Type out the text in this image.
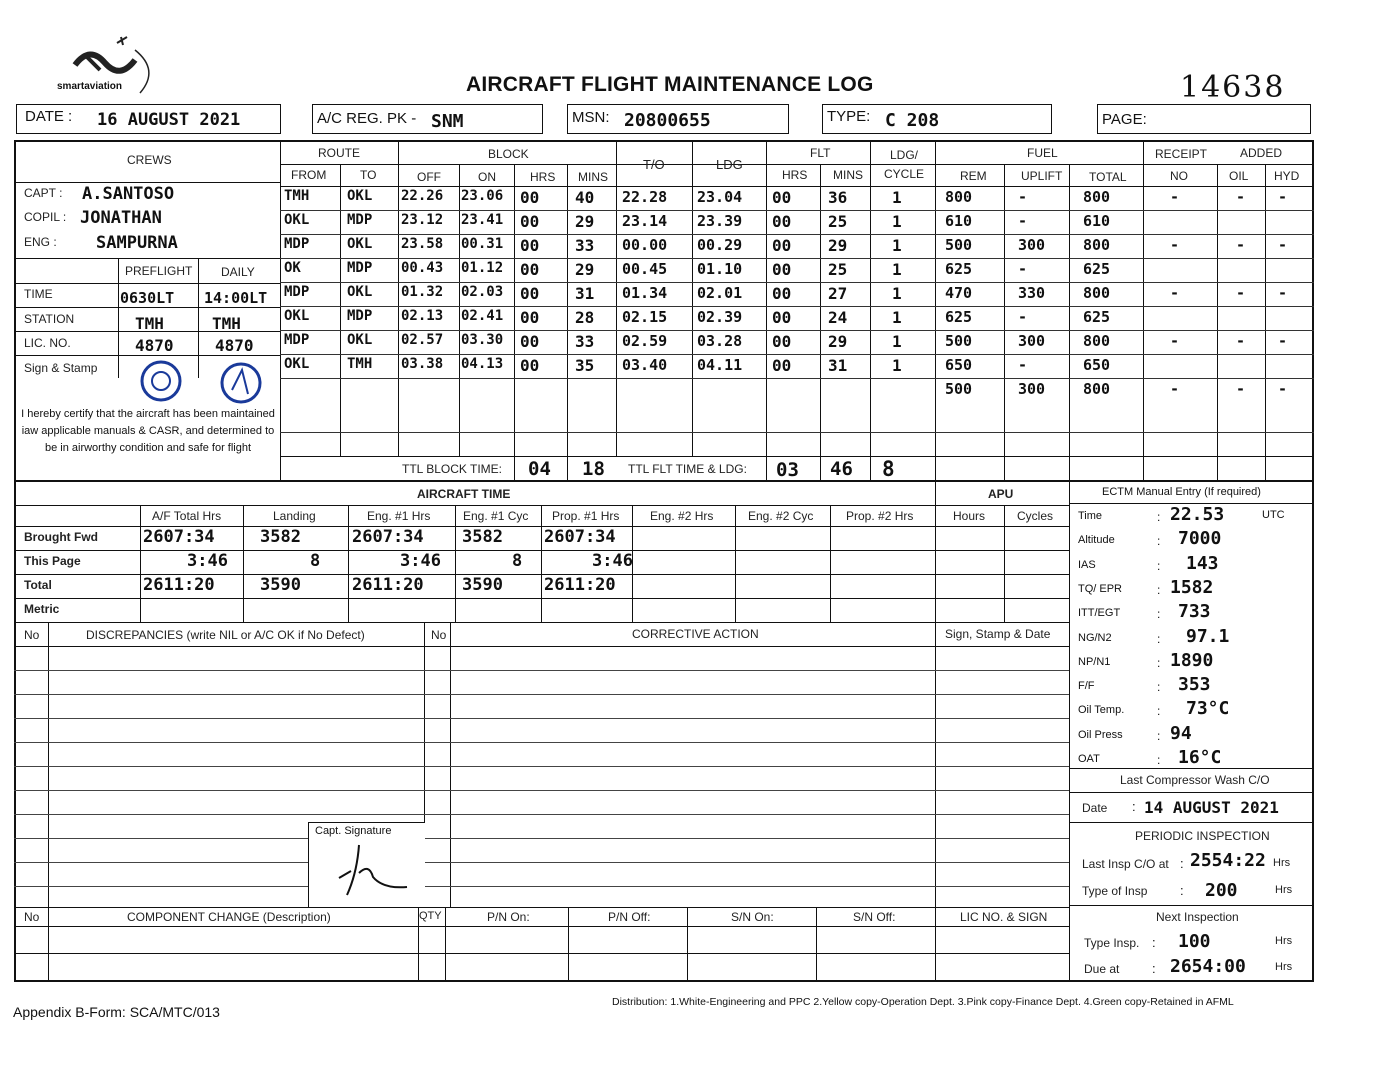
smartaviation	AIRCRAFT FLIGHT MAINTENANCE LOG	14638
DATE : 16 AUGUST 2021	A/C REG. PK - SNM	MSN: 20800655	TYPE: C 208	PAGE:
CREWS
CAPT : A.SANTOSO
COPIL : JONATHAN
ENG : SAMPURNA
PREFLIGHT DAILY
TIME	0630LT 14:00LT
STATION	TMH	TMH
LIC. NO.	4870	4870
Sign & Stamp
I hereby certify that the aircraft has been maintained iaw applicable manuals & CASR, and determined to be in airworthy condition and safe for flight
ROUTE
FROM	TO
BLOCK
OFF	ON	HRS MINS
T/O	LDG
FLT
HRS MINS
LDG/
CYCLE
FUEL
REM	UPLIFT TOTAL
RECEIPT
NO
ADDED
OIL HYD
TMH	OKL 22.26 23.06 00 40 22.28 23.04 00 36	1	800	-	800	-	- -
OKL	MDP 23.12 23.41 00 29 23.14 23.39 00 25	1	610	-	610
MDP	OKL 23.58 00.31 00 33 00.00 00.29 00 29	1	500	300	800	-	- -
OK	MDP 00.43 01.12 00 29 00.45 01.10 00 25	1	625	-	625
MDP	OKL 01.32 02.03 00 31 01.34 02.01 00 27	1	470	330	800	-	- -
OKL	MDP 02.13 02.41 00 28 02.15 02.39 00 24	1	625	-	625
MDP	OKL 02.57 03.30 00 33 02.59 03.28 00 29	1	500	300	800	-	- -
OKL	TMH 03.38 04.13 00 35 03.40 04.11 00 31	1	650	-	650
500	300	800	-	- -
TTL BLOCK TIME: 04 18 TTL FLT TIME & LDG: 03 46 8
AIRCRAFT TIME	APU
A/F Total Hrs	Landing	Eng. #1 Hrs	Eng. #1 Cyc Prop. #1 Hrs	Eng. #2 Hrs	Eng. #2 Cyc	Prop. #2 Hrs	Hours	Cycles
Brought Fwd	2607:34	3582	2607:34 3582 2607:34
This Page	3:46	8	3:46	8	3:46
Total	2611:20	3590	2611:20 3590 2611:20
Metric
ECTM Manual Entry (If required)
Time	: 22.53	UTC
Altitude	: 7000
IAS	: 143
TQ/ EPR	: 1582
ITT/EGT	: 733
NG/N2	: 97.1
NP/N1	: 1890
F/F	: 353
Oil Temp.	: 73°C
Oil Press	: 94
OAT	: 16°C
Last Compressor Wash C/O
Date : 14 AUGUST 2021
PERIODIC INSPECTION
Last Insp C/O at : 2554:22 Hrs
Type of Insp	: 200	Hrs
Next Inspection
Type Insp. : 100	Hrs
Due at	: 2654:00	Hrs
No	DISCREPANCIES (write NIL or A/C OK if No Defect)	No	CORRECTIVE ACTION	Sign, Stamp & Date
Capt. Signature
No	COMPONENT CHANGE (Description)	QTY	P/N On:	P/N Off:	S/N On:	S/N Off:	LIC NO. & SIGN
Appendix B-Form: SCA/MTC/013
Distribution: 1.White-Engineering and PPC 2.Yellow copy-Operation Dept. 3.Pink copy-Finance Dept. 4.Green copy-Retained in AFML
